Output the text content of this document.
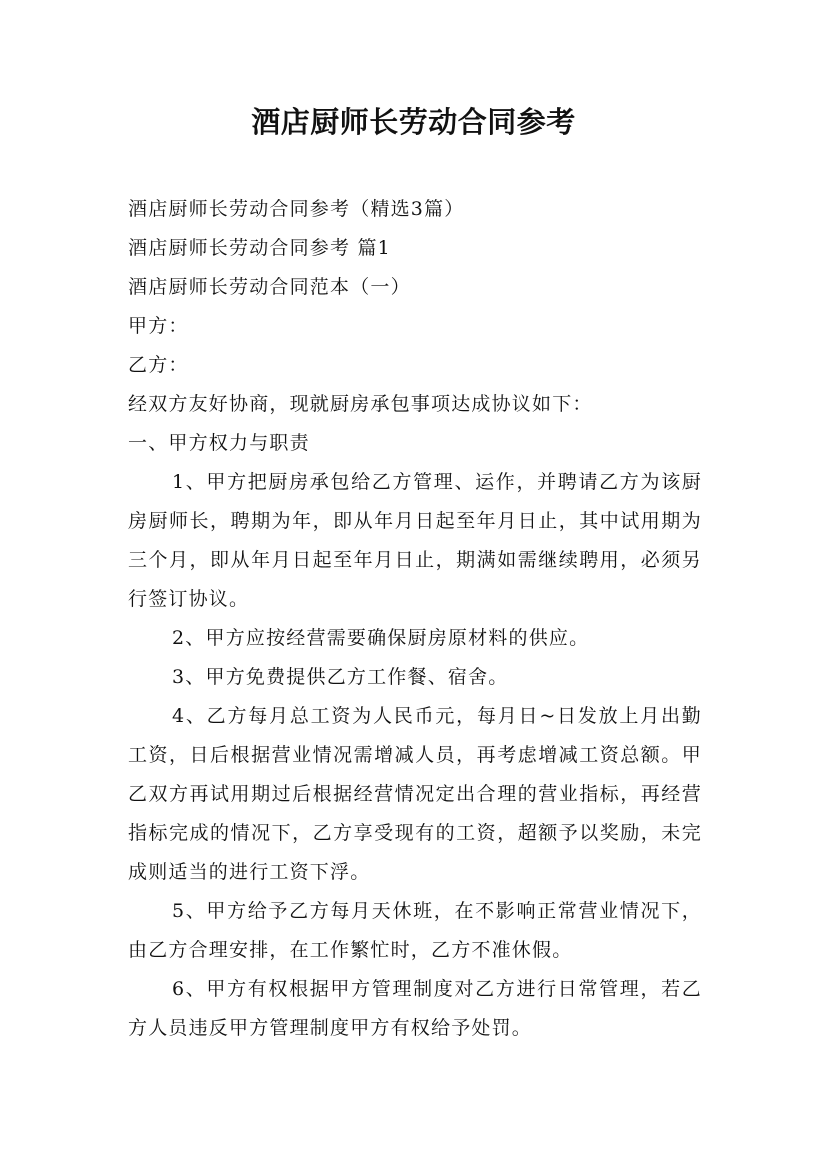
酒店厨师长劳动合同参考

酒店厨师长劳动合同参考（精选3篇）

酒店厨师长劳动合同参考 篇1

酒店厨师长劳动合同范本（一）

甲方：

乙方：

经双方友好协商，现就厨房承包事项达成协议如下：

一、甲方权力与职责

1、甲方把厨房承包给乙方管理、运作，并聘请乙方为该厨房厨师长，聘期为年，即从年月日起至年月日止，其中试用期为三个月，即从年月日起至年月日止，期满如需继续聘用，必须另行签订协议。

2、甲方应按经营需要确保厨房原材料的供应。

3、甲方免费提供乙方工作餐、宿舍。

4、乙方每月总工资为人民币元，每月日~日发放上月出勤工资，日后根据营业情况需增减人员，再考虑增减工资总额。甲乙双方再试用期过后根据经营情况定出合理的营业指标，再经营指标完成的情况下，乙方享受现有的工资，超额予以奖励，未完成则适当的进行工资下浮。

5、甲方给予乙方每月天休班，在不影响正常营业情况下，由乙方合理安排，在工作繁忙时，乙方不准休假。

6、甲方有权根据甲方管理制度对乙方进行日常管理，若乙方人员违反甲方管理制度甲方有权给予处罚。
